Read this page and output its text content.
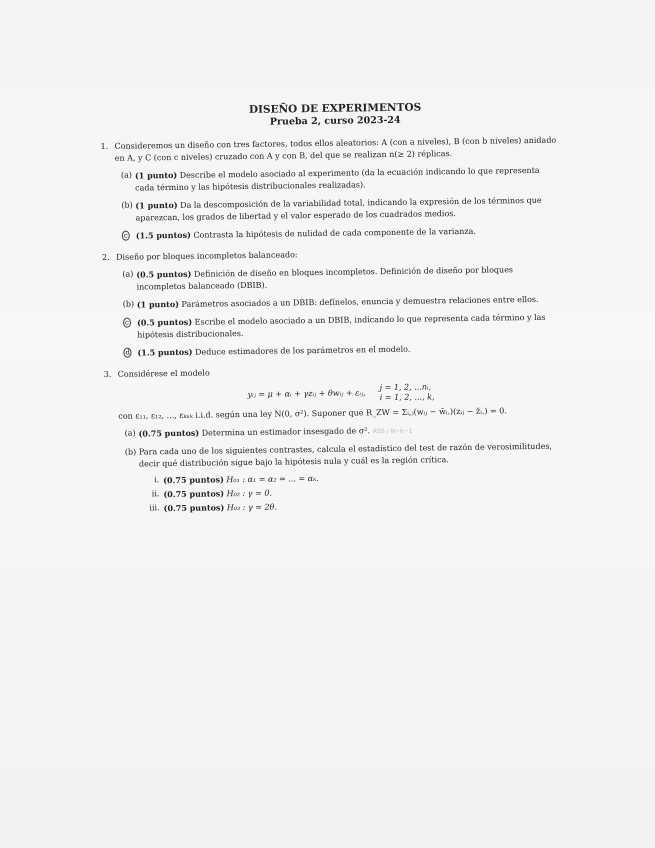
DISEÑO DE EXPERIMENTOS
Prueba 2, curso 2023-24
1. Consideremos un diseño con tres factores, todos ellos aleatorios: A (con a niveles), B (con b niveles) anidado en A, y C (con c niveles) cruzado con A y con B, del que se realizan n(≥ 2) réplicas.
(a) (1 punto) Describe el modelo asociado al experimento (da la ecuación indicando lo que representa cada término y las hipótesis distribucionales realizadas).
(b) (1 punto) Da la descomposición de la variabilidad total, indicando la expresión de los términos que aparezcan, los grados de libertad y el valor esperado de los cuadrados medios.
c (1.5 puntos) Contrasta la hipótesis de nulidad de cada componente de la varianza.
2. Diseño por bloques incompletos balanceado:
(a) (0.5 puntos) Definición de diseño en bloques incompletos. Definición de diseño por bloques incompletos balanceado (DBIB).
(b) (1 punto) Parámetros asociados a un DBIB: defínelos, enuncia y demuestra relaciones entre ellos.
c (0.5 puntos) Escribe el modelo asociado a un DBIB, indicando lo que representa cada término y las hipótesis distribucionales.
d (1.5 puntos) Deduce estimadores de los parámetros en el modelo.
3. Considérese el modelo
yᵢⱼ = μ + αᵢ + γzᵢⱼ + θwᵢⱼ + εᵢⱼ,
j = 1, 2, ...nᵢ,
i = 1, 2, ..., k,
con ε₁₁, ε₁₂, ..., εₖₙₖ i.i.d. según una ley N(0, σ²). Suponer que R_ZW = Σᵢ,ⱼ(wᵢⱼ − w̄ᵢ.)(zᵢⱼ − z̄ᵢ.) = 0.
(a) (0.75 puntos) Determina un estimador insesgado de σ². RSS / N−k−1
(b) Para cada uno de los siguientes contrastes, calcula el estadístico del test de razón de verosimilitudes, decir qué distribución sigue bajo la hipótesis nula y cuál es la región crítica.
i. (0.75 puntos) H₀₁ : α₁ = α₂ = ... = αₖ.
ii. (0.75 puntos) H₀₂ : γ = 0.
iii. (0.75 puntos) H₀₃ : γ = 2θ.
